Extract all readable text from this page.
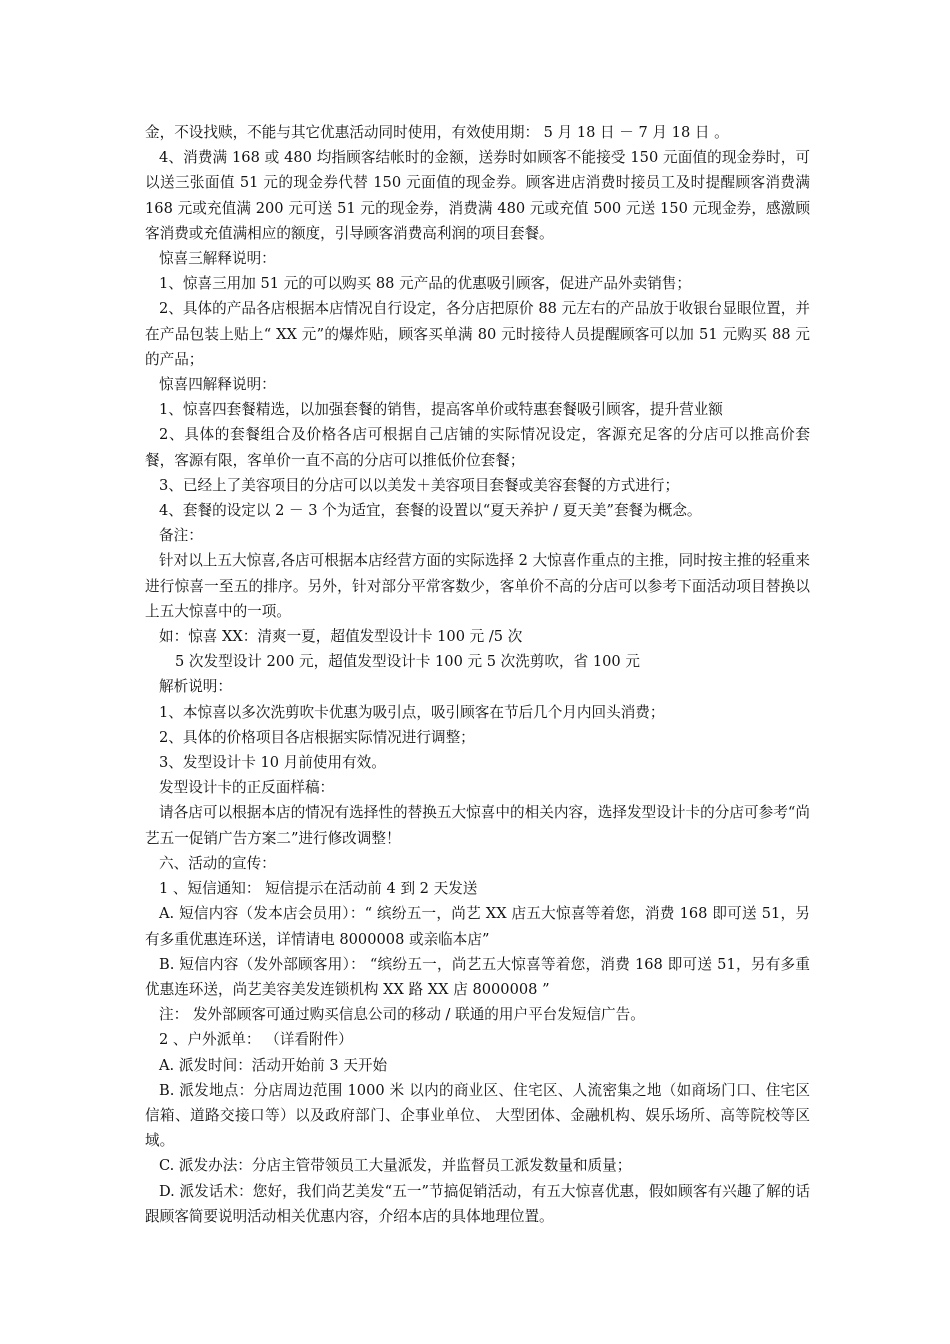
金，不设找赎，不能与其它优惠活动同时使用，有效使用期： 5 月 18 日 － 7 月 18 日 。

4、消费满 168 或 480 均指顾客结帐时的金额，送券时如顾客不能接受 150 元面值的现金券时，可以送三张面值 51 元的现金券代替 150 元面值的现金券。顾客进店消费时接员工及时提醒顾客消费满 168 元或充值满 200 元可送 51 元的现金券，消费满 480 元或充值 500 元送 150 元现金券，感激顾客消费或充值满相应的额度，引导顾客消费高利润的项目套餐。

惊喜三解释说明：

1、惊喜三用加 51 元的可以购买 88 元产品的优惠吸引顾客，促进产品外卖销售；

2、具体的产品各店根据本店情况自行设定，各分店把原价 88 元左右的产品放于收银台显眼位置，并在产品包装上贴上“ XX 元”的爆炸贴，顾客买单满 80 元时接待人员提醒顾客可以加 51 元购买 88 元的产品；

惊喜四解释说明：

1、惊喜四套餐精选，以加强套餐的销售，提高客单价或特惠套餐吸引顾客，提升营业额

2、具体的套餐组合及价格各店可根据自己店铺的实际情况设定，客源充足客的分店可以推高价套餐，客源有限，客单价一直不高的分店可以推低价位套餐；

3、已经上了美容项目的分店可以以美发＋美容项目套餐或美容套餐的方式进行；

4、套餐的设定以 2 － 3 个为适宜，套餐的设置以“夏天养护 / 夏天美”套餐为概念。

备注：

针对以上五大惊喜,各店可根据本店经营方面的实际选择 2 大惊喜作重点的主推，同时按主推的轻重来进行惊喜一至五的排序。另外，针对部分平常客数少，客单价不高的分店可以参考下面活动项目替换以上五大惊喜中的一项。

如：惊喜 XX：清爽一夏，超值发型设计卡 100 元 /5 次

5 次发型设计 200 元，超值发型设计卡 100 元 5 次洗剪吹，省 100 元

解析说明：

1、本惊喜以多次洗剪吹卡优惠为吸引点，吸引顾客在节后几个月内回头消费；

2、具体的价格项目各店根据实际情况进行调整；

3、发型设计卡 10 月前使用有效。

发型设计卡的正反面样稿：

请各店可以根据本店的情况有选择性的替换五大惊喜中的相关内容，选择发型设计卡的分店可参考“尚艺五一促销广告方案二”进行修改调整！

六、活动的宣传：

1 、短信通知： 短信提示在活动前 4 到 2 天发送

A. 短信内容（发本店会员用）：“ 缤纷五一，尚艺 XX 店五大惊喜等着您，消费 168 即可送 51，另有多重优惠连环送，详情请电 8000008 或亲临本店”

B. 短信内容（发外部顾客用）： “缤纷五一，尚艺五大惊喜等着您，消费 168 即可送 51，另有多重优惠连环送，尚艺美容美发连锁机构 XX 路 XX 店 8000008 ”

注： 发外部顾客可通过购买信息公司的移动 / 联通的用户平台发短信广告。

2 、户外派单： （详看附件）

A. 派发时间：活动开始前 3 天开始

B. 派发地点：分店周边范围 1000 米 以内的商业区、住宅区、人流密集之地（如商场门口、住宅区信箱、道路交接口等）以及政府部门、企事业单位、 大型团体、金融机构、娱乐场所、高等院校等区域。

C. 派发办法：分店主管带领员工大量派发，并监督员工派发数量和质量；

D. 派发话术：您好，我们尚艺美发“五一”节搞促销活动，有五大惊喜优惠，假如顾客有兴趣了解的话跟顾客简要说明活动相关优惠内容，介绍本店的具体地理位置。
